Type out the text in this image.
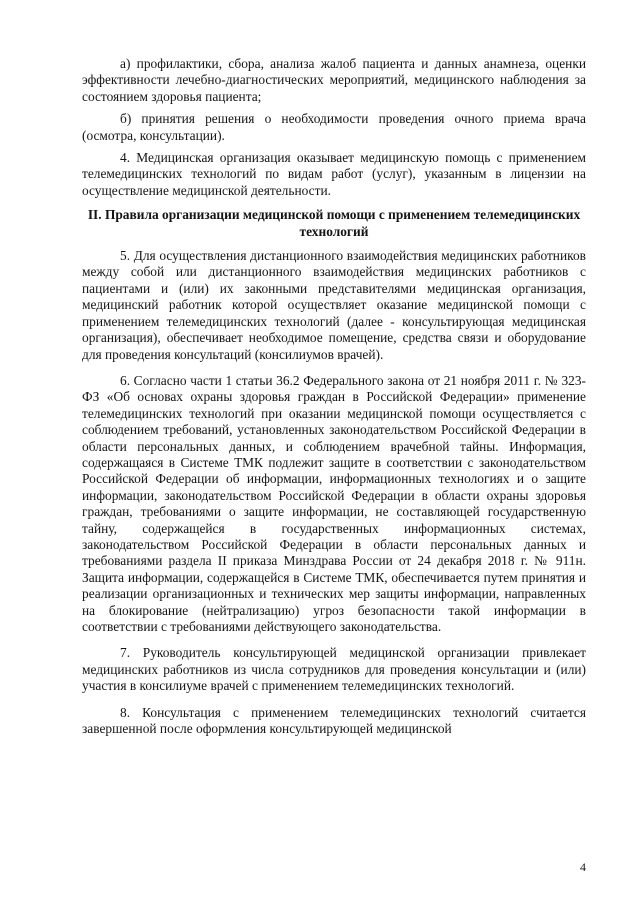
а) профилактики, сбора, анализа жалоб пациента и данных анамнеза, оценки эффективности лечебно-диагностических мероприятий, медицинского наблюдения за состоянием здоровья пациента;

б) принятия решения о необходимости проведения очного приема врача (осмотра, консультации).

4. Медицинская организация оказывает медицинскую помощь с применением телемедицинских технологий по видам работ (услуг), указанным в лицензии на осуществление медицинской деятельности.

II. Правила организации медицинской помощи с применением телемедицинских технологий

5. Для осуществления дистанционного взаимодействия медицинских работников между собой или дистанционного взаимодействия медицинских работников с пациентами и (или) их законными представителями медицинская организация, медицинский работник которой осуществляет оказание медицинской помощи с применением телемедицинских технологий (далее - консультирующая медицинская организация), обеспечивает необходимое помещение, средства связи и оборудование для проведения консультаций (консилиумов врачей).

6. Согласно части 1 статьи 36.2 Федерального закона от 21 ноября 2011 г. № 323-ФЗ «Об основах охраны здоровья граждан в Российской Федерации» применение телемедицинских технологий при оказании медицинской помощи осуществляется с соблюдением требований, установленных законодательством Российской Федерации в области персональных данных, и соблюдением врачебной тайны. Информация, содержащаяся в Системе ТМК подлежит защите в соответствии с законодательством Российской Федерации об информации, информационных технологиях и о защите информации, законодательством Российской Федерации в области охраны здоровья граждан, требованиями о защите информации, не составляющей государственную тайну, содержащейся в государственных информационных системах, законодательством Российской Федерации в области персональных данных и требованиями раздела II приказа Минздрава России от 24 декабря 2018 г. № 911н. Защита информации, содержащейся в Системе ТМК, обеспечивается путем принятия и реализации организационных и технических мер защиты информации, направленных на блокирование (нейтрализацию) угроз безопасности такой информации в соответствии с требованиями действующего законодательства.

7. Руководитель консультирующей медицинской организации привлекает медицинских работников из числа сотрудников для проведения консультации и (или) участия в консилиуме врачей с применением телемедицинских технологий.

8. Консультация с применением телемедицинских технологий считается завершенной после оформления консультирующей медицинской

4
